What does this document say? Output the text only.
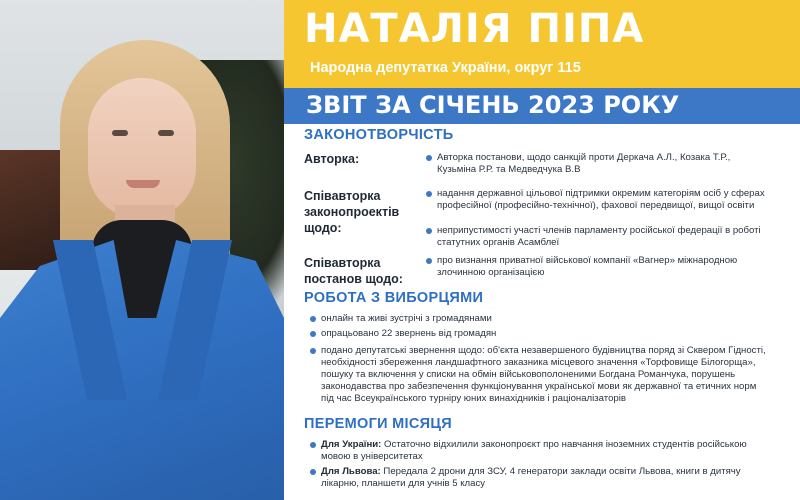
НАТАЛІЯ ПІПА
Народна депутатка України, округ 115
ЗВІТ ЗА СІЧЕНЬ 2023 РОКУ
ЗАКОНОТВОРЧІСТЬ
Авторка:	Авторка постанови, щодо санкцій проти Деркача А.Л., Козака Т.Р., Кузьміна Р.Р. та Медведчука В.В
Співавторка законопроектів щодо:
надання державної цільової підтримки окремим категоріям осіб у сферах професійної (професійно-технічної), фахової передвищої, вищої освіти
неприпустимості участі членів парламенту російської федерації в роботі статутних органів Асамблеї
Співавторка постанов щодо:
про визнання приватної військової компанії «Вагнер» міжнародною злочинною організацією
РОБОТА З ВИБОРЦЯМИ
онлайн та живі зустрічі з громадянами
опрацьовано 22 звернень від громадян
подано депутатські звернення щодо: об'єкта незавершеного будівництва поряд зі Сквером Гідності, необхідності збереження ландшафтного заказника місцевого значення «Торфовище Білогорща», пошуку та включення у списки на обмін військовополоненими Богдана Романчука, порушень законодавства про забезпечення функціонування української мови як державної та етичних норм під час Всеукраїнського турніру юних винахідників і раціоналізаторів
ПЕРЕМОГИ МІСЯЦЯ
Для України: Остаточно відхилили законопроєкт про навчання іноземних студентів російською мовою в університетах
Для Львова: Передала 2 дрони для ЗСУ, 4 генератори заклади освіти Львова, книги в дитячу лікарню, планшети для учнів 5 класу
